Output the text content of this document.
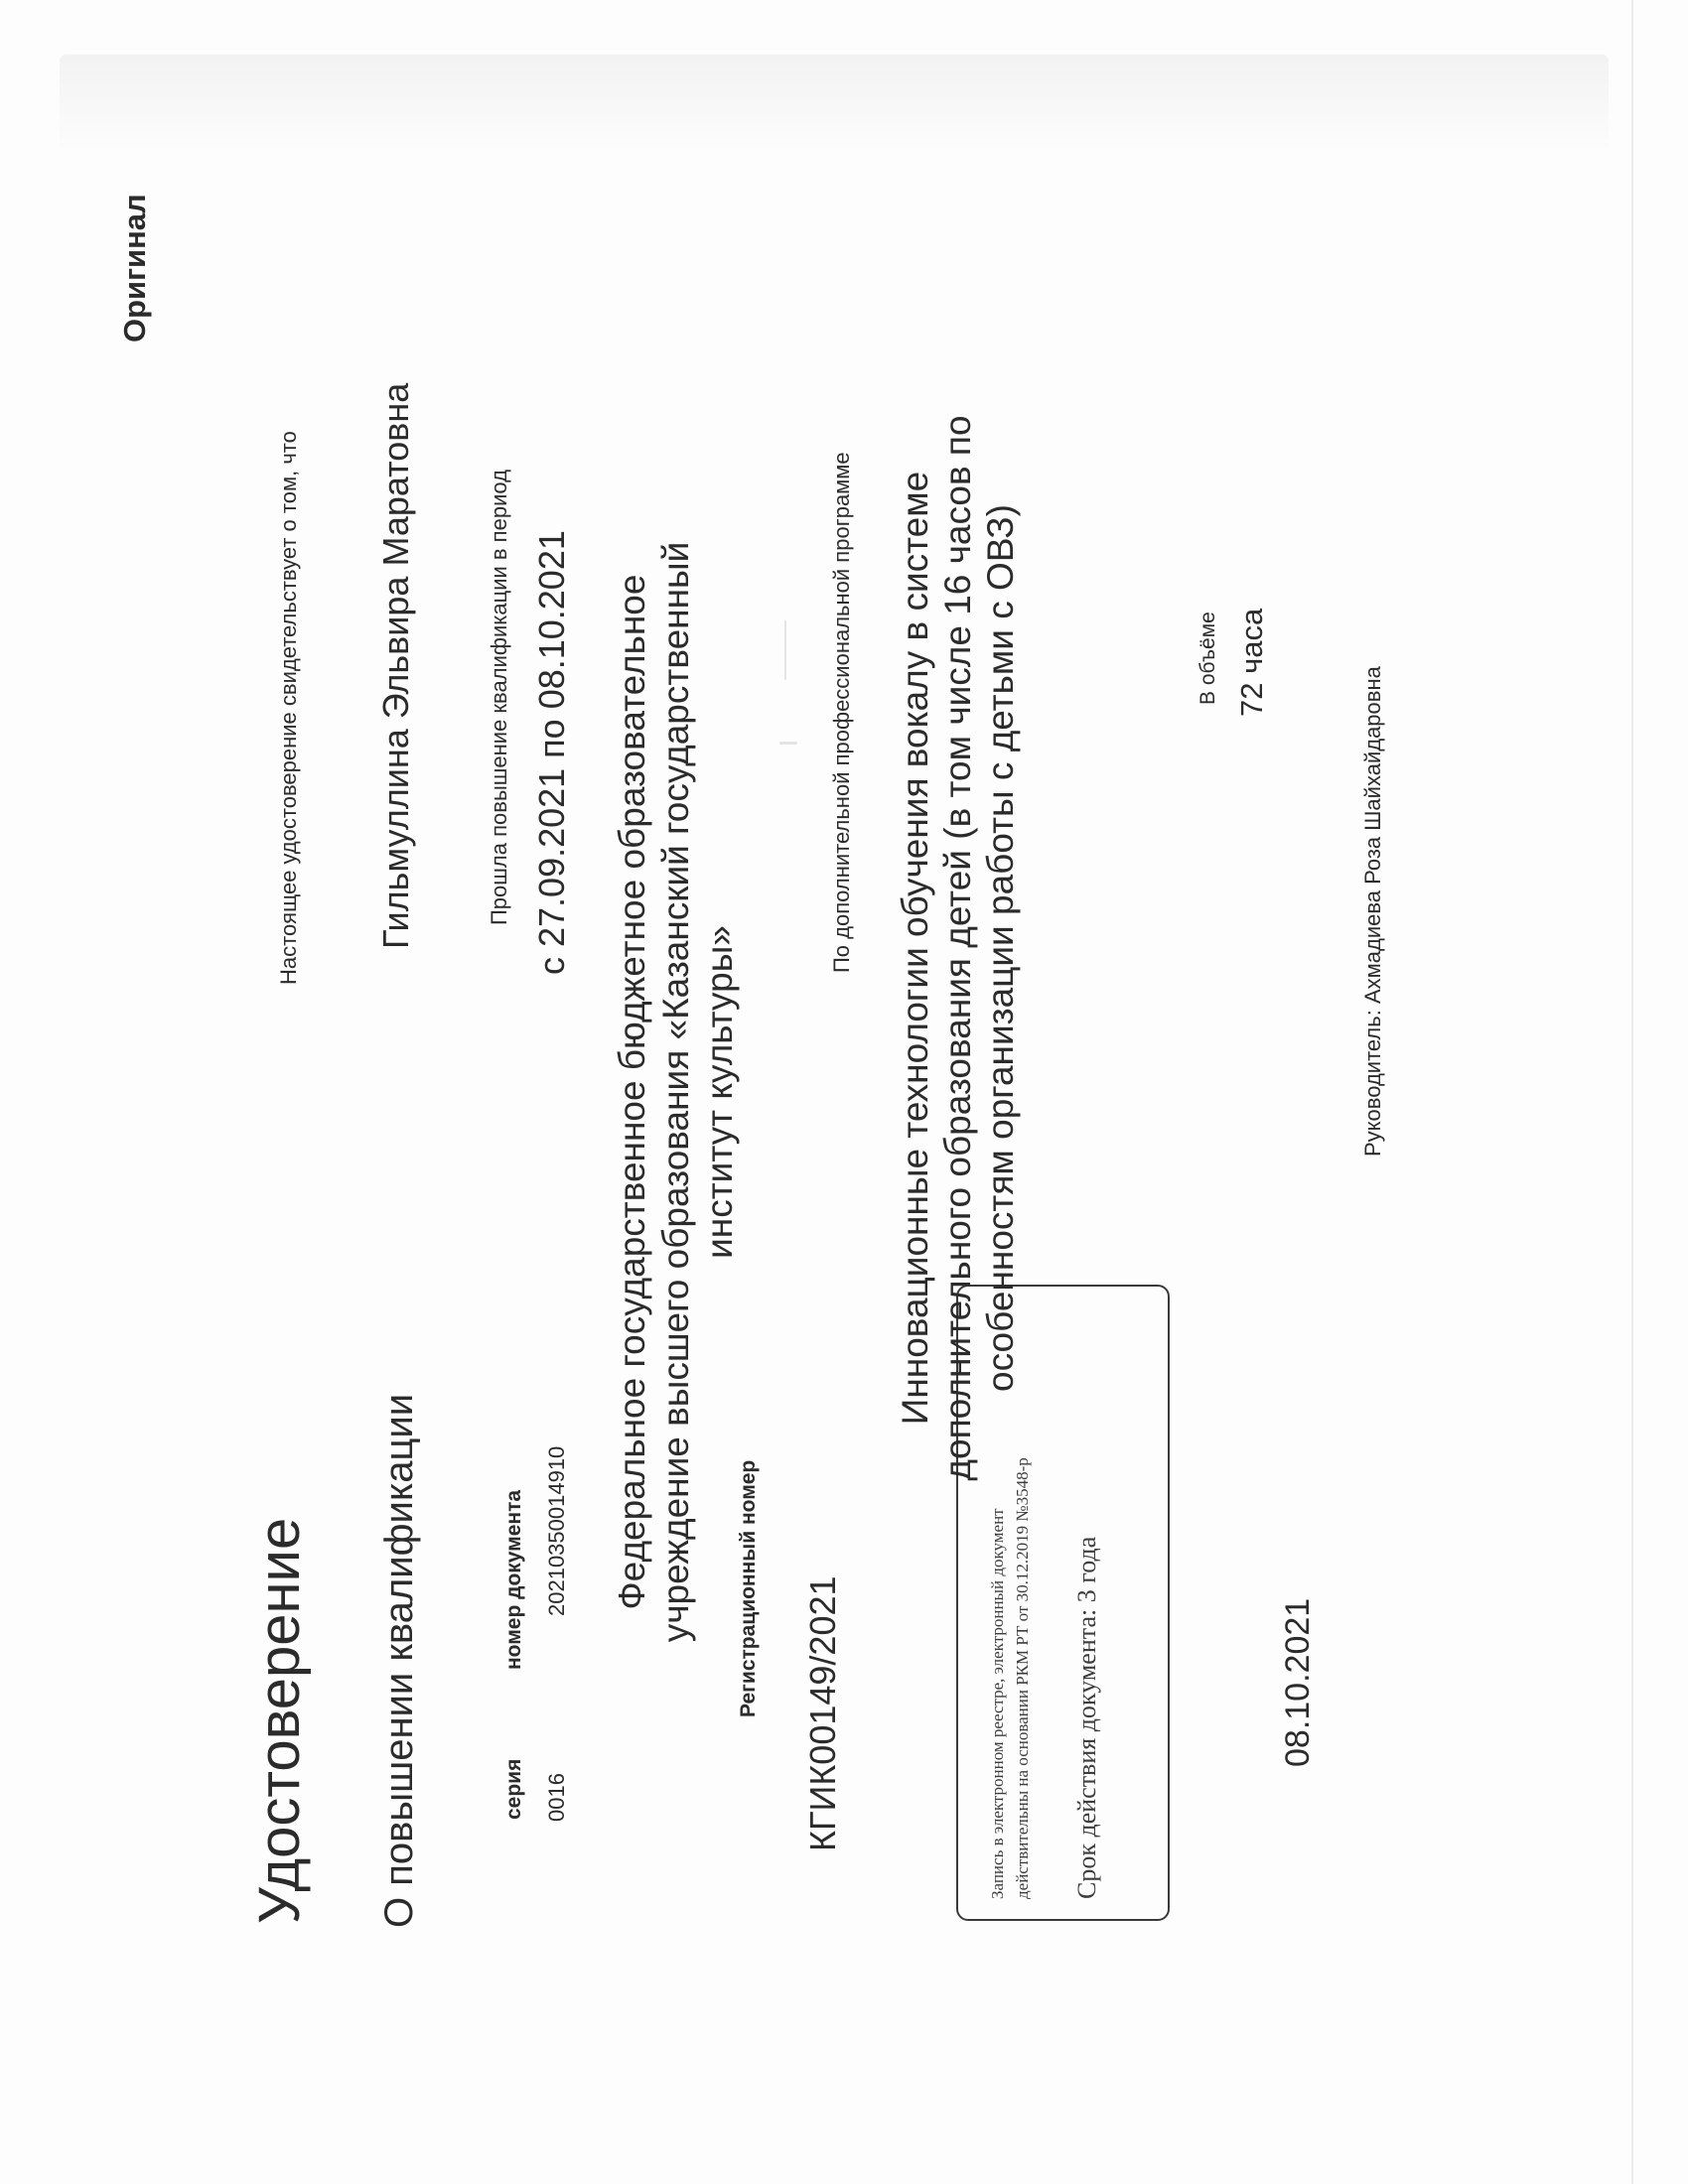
Удостоверение О повышении квалификации	серия 0016
номер документа 20210350014910	Регистрационный номер КГИК00149/2021	Запись в электронном реестре, электронный документ действительны на основании РКМ РТ от 30.12.2019 №3548-р Срок действия документа: 3 года	08.10.2021
Оригинал
Настоящее удостоверение свидетельствует о том, что Гильмуллина Эльвира Маратовна	Прошла повышение квалификации в период с 27.09.2021 по 08.10.2021 Федеральное государственное бюджетное образовательное учреждение высшего образования «Казанский государственный институт культуры»
По дополнительной профессиональной программе Инновационные технологии обучения вокалу в системе дополнительного образования детей (в том числе 16 часов по особенностям организации работы с детьми с ОВЗ)	В объёме 72 часа
Руководитель: Ахмадиева Роза Шайхайдаровна
